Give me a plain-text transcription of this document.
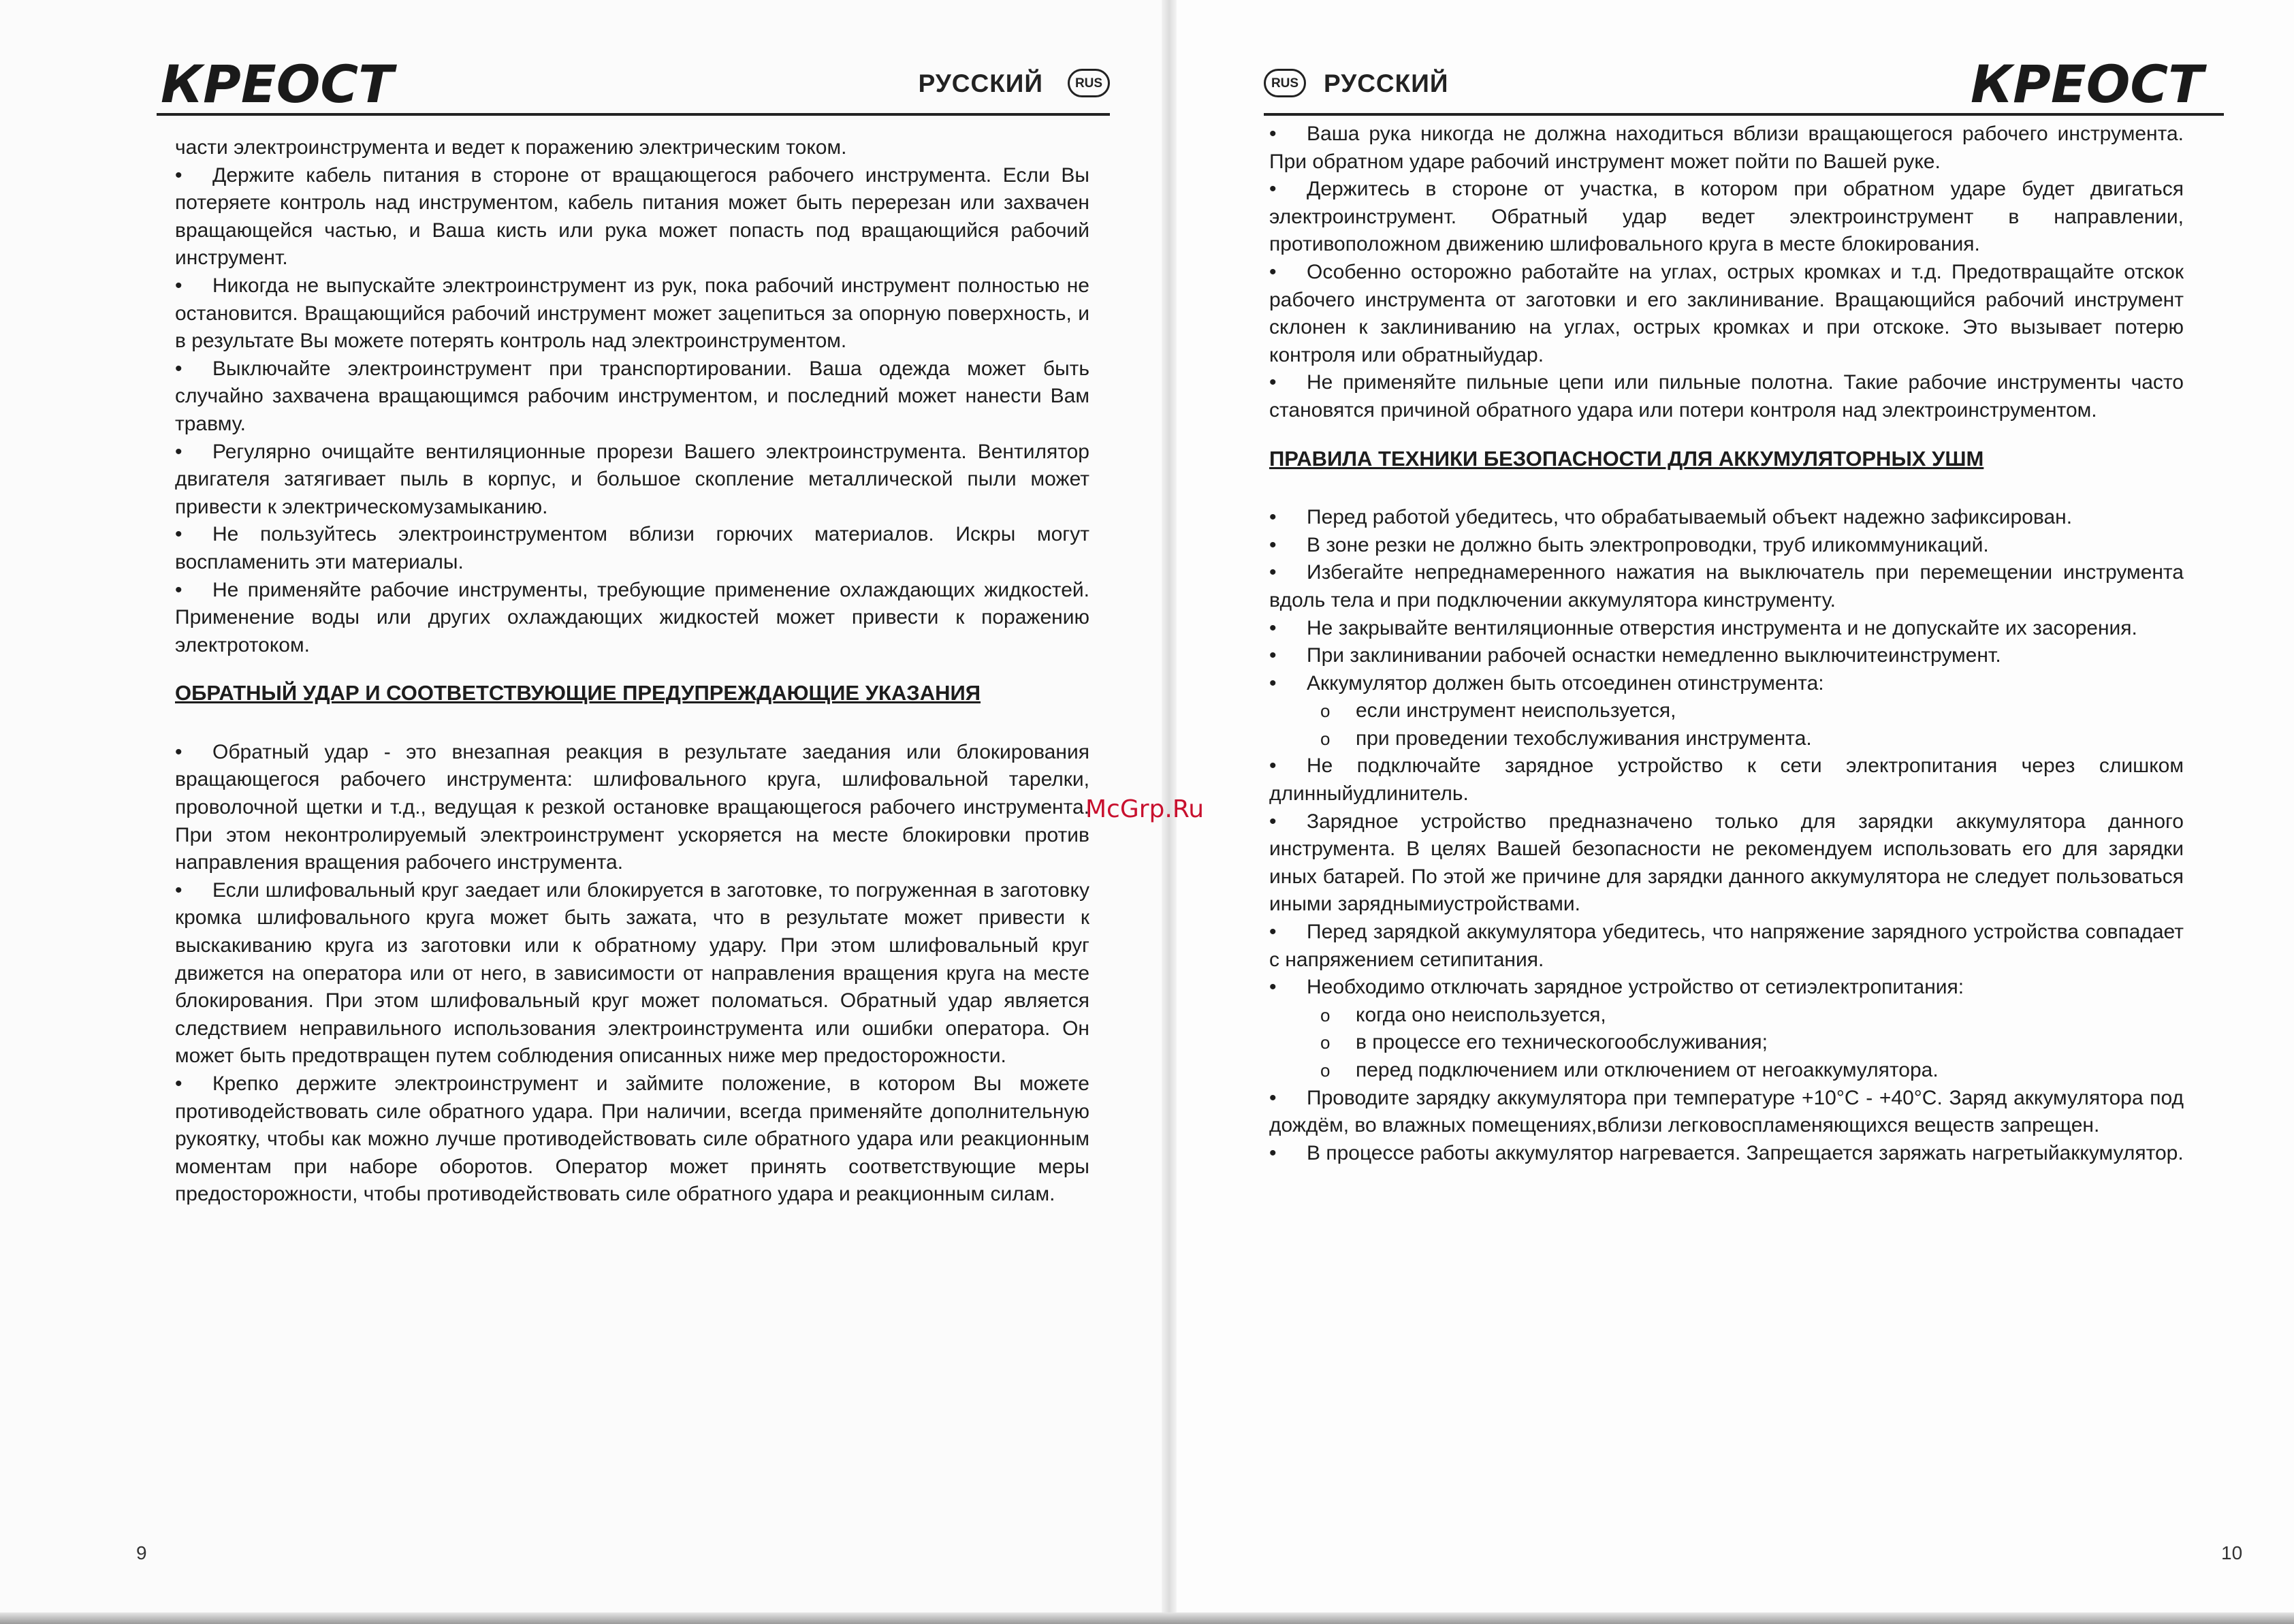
КРЕОСТ	РУССКИЙ	RUS

части электроинструмента и ведет к поражению электрическим током.

• Держите кабель питания в стороне от вращающегося рабочего инструмента. Если Вы потеряете контроль над инструментом, кабель питания может быть перерезан или захвачен вращающейся частью, и Ваша кисть или рука может попасть под вращающийся рабочий инструмент.

• Никогда не выпускайте электроинструмент из рук, пока рабочий инструмент полностью не остановится. Вращающийся рабочий инструмент может зацепиться за опорную поверхность, и в результате Вы можете потерять контроль над электроинструментом.

• Выключайте электроинструмент при транспортировании. Ваша одежда может быть случайно захвачена вращающимся рабочим инструментом, и последний может нанести Вам травму.

• Регулярно очищайте вентиляционные прорези Вашего электроинструмента. Вентилятор двигателя затягивает пыль в корпус, и большое скопление металлической пыли может привести к электрическомузамыканию.

• Не пользуйтесь электроинструментом вблизи горючих материалов. Искры могут воспламенить эти материалы.

• Не применяйте рабочие инструменты, требующие применение охлаждающих жидкостей. Применение воды или других охлаждающих жидкостей может привести к поражению электротоком.

ОБРАТНЫЙ УДАР И СООТВЕТСТВУЮЩИЕ ПРЕДУПРЕЖДАЮЩИЕ УКАЗАНИЯ

• Обратный удар - это внезапная реакция в результате заедания или блокирования вращающегося рабочего инструмента: шлифовального круга, шлифовальной тарелки, проволочной щетки и т.д., ведущая к резкой остановке вращающегося рабочего инструмента. При этом неконтролируемый электроинструмент ускоряется на месте блокировки против направления вращения рабочего инструмента.

• Если шлифовальный круг заедает или блокируется в заготовке, то погруженная в заготовку кромка шлифовального круга может быть зажата, что в результате может привести к выскакиванию круга из заготовки или к обратному удару. При этом шлифовальный круг движется на оператора или от него, в зависимости от направления вращения круга на месте блокирования. При этом шлифовальный круг может поломаться. Обратный удар является следствием неправильного использования электроинструмента или ошибки оператора. Он может быть предотвращен путем соблюдения описанных ниже мер предосторожности.

• Крепко держите электроинструмент и займите положение, в котором Вы можете противодействовать силе обратного удара. При наличии, всегда применяйте дополнительную рукоятку, чтобы как можно лучше противодействовать силе обратного удара или реакционным моментам при наборе оборотов. Оператор может принять соответствующие меры предосторожности, чтобы противодействовать силе обратного удара и реакционным силам.

9
RUS РУССКИЙ	КРЕОСТ

• Ваша рука никогда не должна находиться вблизи вращающегося рабочего инструмента. При обратном ударе рабочий инструмент может пойти по Вашей руке.

• Держитесь в стороне от участка, в котором при обратном ударе будет двигаться электроинструмент. Обратный удар ведет электроинструмент в направлении, противоположном движению шлифовального круга в месте блокирования.

• Особенно осторожно работайте на углах, острых кромках и т.д. Предотвращайте отскок рабочего инструмента от заготовки и его заклинивание. Вращающийся рабочий инструмент склонен к заклиниванию на углах, острых кромках и при отскоке. Это вызывает потерю контроля или обратныйудар.

• Не применяйте пильные цепи или пильные полотна. Такие рабочие инструменты часто становятся причиной обратного удара или потери контроля над электроинструментом.

ПРАВИЛА ТЕХНИКИ БЕЗОПАСНОСТИ ДЛЯ АККУМУЛЯТОРНЫХ УШМ

• Перед работой убедитесь, что обрабатываемый объект надежно зафиксирован.

• В зоне резки не должно быть электропроводки, труб иликоммуникаций.

• Избегайте непреднамеренного нажатия на выключатель при перемещении инструмента вдоль тела и при подключении аккумулятора кинструменту.

• Не закрывайте вентиляционные отверстия инструмента и не допускайте их засорения.

• При заклинивании рабочей оснастки немедленно выключитеинструмент.

• Аккумулятор должен быть отсоединен отинструмента:

o если инструмент неиспользуется,

o при проведении техобслуживания инструмента.

• Не подключайте зарядное устройство к сети электропитания через слишком длинныйудлинитель.

• Зарядное устройство предназначено только для зарядки аккумулятора данного инструмента. В целях Вашей безопасности не рекомендуем использовать его для зарядки иных батарей. По этой же причине для зарядки данного аккумулятора не следует пользоваться иными заряднымиустройствами.

• Перед зарядкой аккумулятора убедитесь, что напряжение зарядного устройства совпадает с напряжением сетипитания.

• Необходимо отключать зарядное устройство от сетиэлектропитания:

o когда оно неиспользуется,

o в процессе его техническогообслуживания;

o перед подключением или отключением от негоаккумулятора.

• Проводите зарядку аккумулятора при температуре +10°C - +40°C. Заряд аккумулятора под дождём, во влажных помещениях,вблизи легковоспламеняющихся веществ запрещен.

• В процессе работы аккумулятор нагревается. Запрещается заряжать нагретыйаккумулятор.

10
McGrp.Ru
